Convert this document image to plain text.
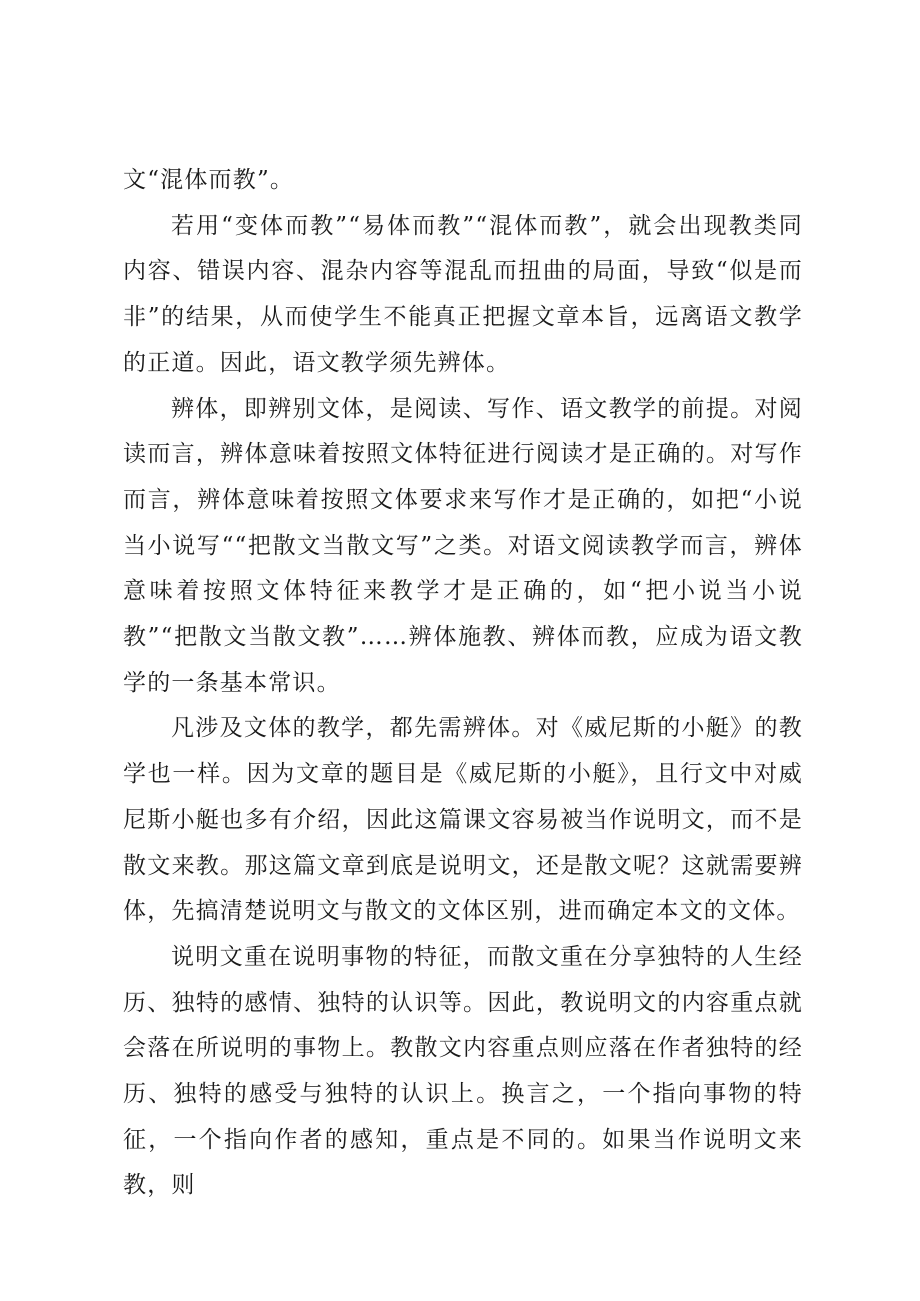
文“混体而教”。

若用“变体而教”“易体而教”“混体而教”，就会出现教类同内容、错误内容、混杂内容等混乱而扭曲的局面，导致“似是而非”的结果，从而使学生不能真正把握文章本旨，远离语文教学的正道。因此，语文教学须先辨体。

辨体，即辨别文体，是阅读、写作、语文教学的前提。对阅读而言，辨体意味着按照文体特征进行阅读才是正确的。对写作而言，辨体意味着按照文体要求来写作才是正确的，如把“小说当小说写““把散文当散文写”之类。对语文阅读教学而言，辨体意味着按照文体特征来教学才是正确的，如“把小说当小说教”“把散文当散文教”……辨体施教、辨体而教，应成为语文教学的一条基本常识。

凡涉及文体的教学，都先需辨体。对《威尼斯的小艇》的教学也一样。因为文章的题目是《威尼斯的小艇》，且行文中对威尼斯小艇也多有介绍，因此这篇课文容易被当作说明文，而不是散文来教。那这篇文章到底是说明文，还是散文呢？这就需要辨体，先搞清楚说明文与散文的文体区别，进而确定本文的文体。

说明文重在说明事物的特征，而散文重在分享独特的人生经历、独特的感情、独特的认识等。因此，教说明文的内容重点就会落在所说明的事物上。教散文内容重点则应落在作者独特的经历、独特的感受与独特的认识上。换言之，一个指向事物的特征，一个指向作者的感知，重点是不同的。如果当作说明文来教，则
